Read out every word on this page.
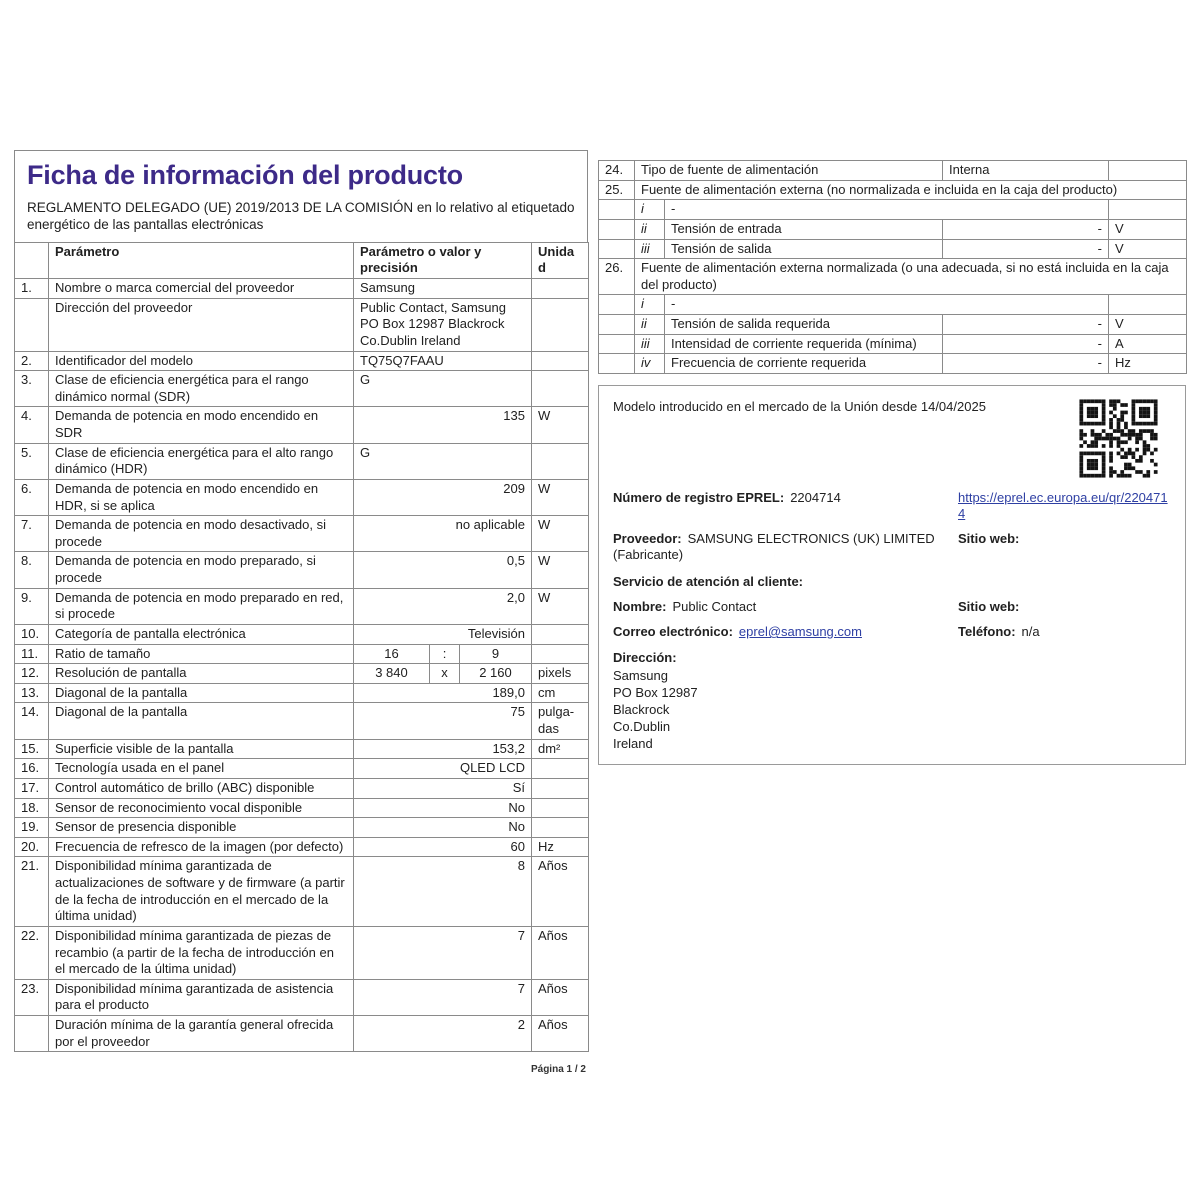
Ficha de información del producto

REGLAMENTO DELEGADO (UE) 2019/2013 DE LA COMISIÓN en lo relativo al etiquetado energético de las pantallas electrónicas

	Parámetro	Parámetro o valor y precisión			Unidad
1.	Nombre o marca comercial del proveedor	Samsung			
	Dirección del proveedor	Public Contact, Samsung PO Box 12987 Blackrock Co.Dublin Ireland			
2.	Identificador del modelo	TQ75Q7FAAU			
3.	Clase de eficiencia energética para el rango dinámico normal (SDR)	G			
4.	Demanda de potencia en modo encendido en SDR	135			W
5.	Clase de eficiencia energética para el alto rango dinámico (HDR)	G			
6.	Demanda de potencia en modo encendido en HDR, si se aplica	209			W
7.	Demanda de potencia en modo desactivado, si procede	no aplicable			W
8.	Demanda de potencia en modo preparado, si procede	0,5			W
9.	Demanda de potencia en modo preparado en red, si procede	2,0			W
10.	Categoría de pantalla electrónica	Televisión			
11.	Ratio de tamaño	16	:	9	
12.	Resolución de pantalla	3 840	x	2 160	pixels
13.	Diagonal de la pantalla	189,0			cm
14.	Diagonal de la pantalla	75			pulga-das
15.	Superficie visible de la pantalla	153,2			dm²
16.	Tecnología usada en el panel	QLED LCD			
17.	Control automático de brillo (ABC) disponible	Sí			
18.	Sensor de reconocimiento vocal disponible	No			
19.	Sensor de presencia disponible	No			
20.	Frecuencia de refresco de la imagen (por defecto)	60			Hz
21.	Disponibilidad mínima garantizada de actualizaciones de software y de firmware (a partir de la fecha de introducción en el mercado de la última unidad)	8			Años
22.	Disponibilidad mínima garantizada de piezas de recambio (a partir de la fecha de introducción en el mercado de la última unidad)	7			Años
23.	Disponibilidad mínima garantizada de asistencia para el producto	7			Años
	Duración mínima de la garantía general ofrecida por el proveedor	2			Años
Página 1 / 2
24.	Tipo de fuente de alimentación		Interna	
25.	Fuente de alimentación externa (no normalizada e incluida en la caja del producto)			
	i	-		
	ii	Tensión de entrada	-	V
	iii	Tensión de salida	-	V
26.	Fuente de alimentación externa normalizada (o una adecuada, si no está incluida en la caja del producto)			
	i	-		
	ii	Tensión de salida requerida	-	V
	iii	Intensidad de corriente requerida (mínima)	-	A
	iv	Frecuencia de corriente requerida	-	Hz
Modelo introducido en el mercado de la Unión desde 14/04/2025
Número de registro EPREL: 2204714	https://eprel.ec.europa.eu/qr/2204714
Proveedor: SAMSUNG ELECTRONICS (UK) LIMITED (Fabricante)
Sitio web:
Servicio de atención al cliente:
Nombre: Public Contact	Sitio web:
Correo electrónico: eprel@samsung.com	Teléfono: n/a
Dirección:
Samsung
PO Box 12987
Blackrock
Co.Dublin
Ireland
